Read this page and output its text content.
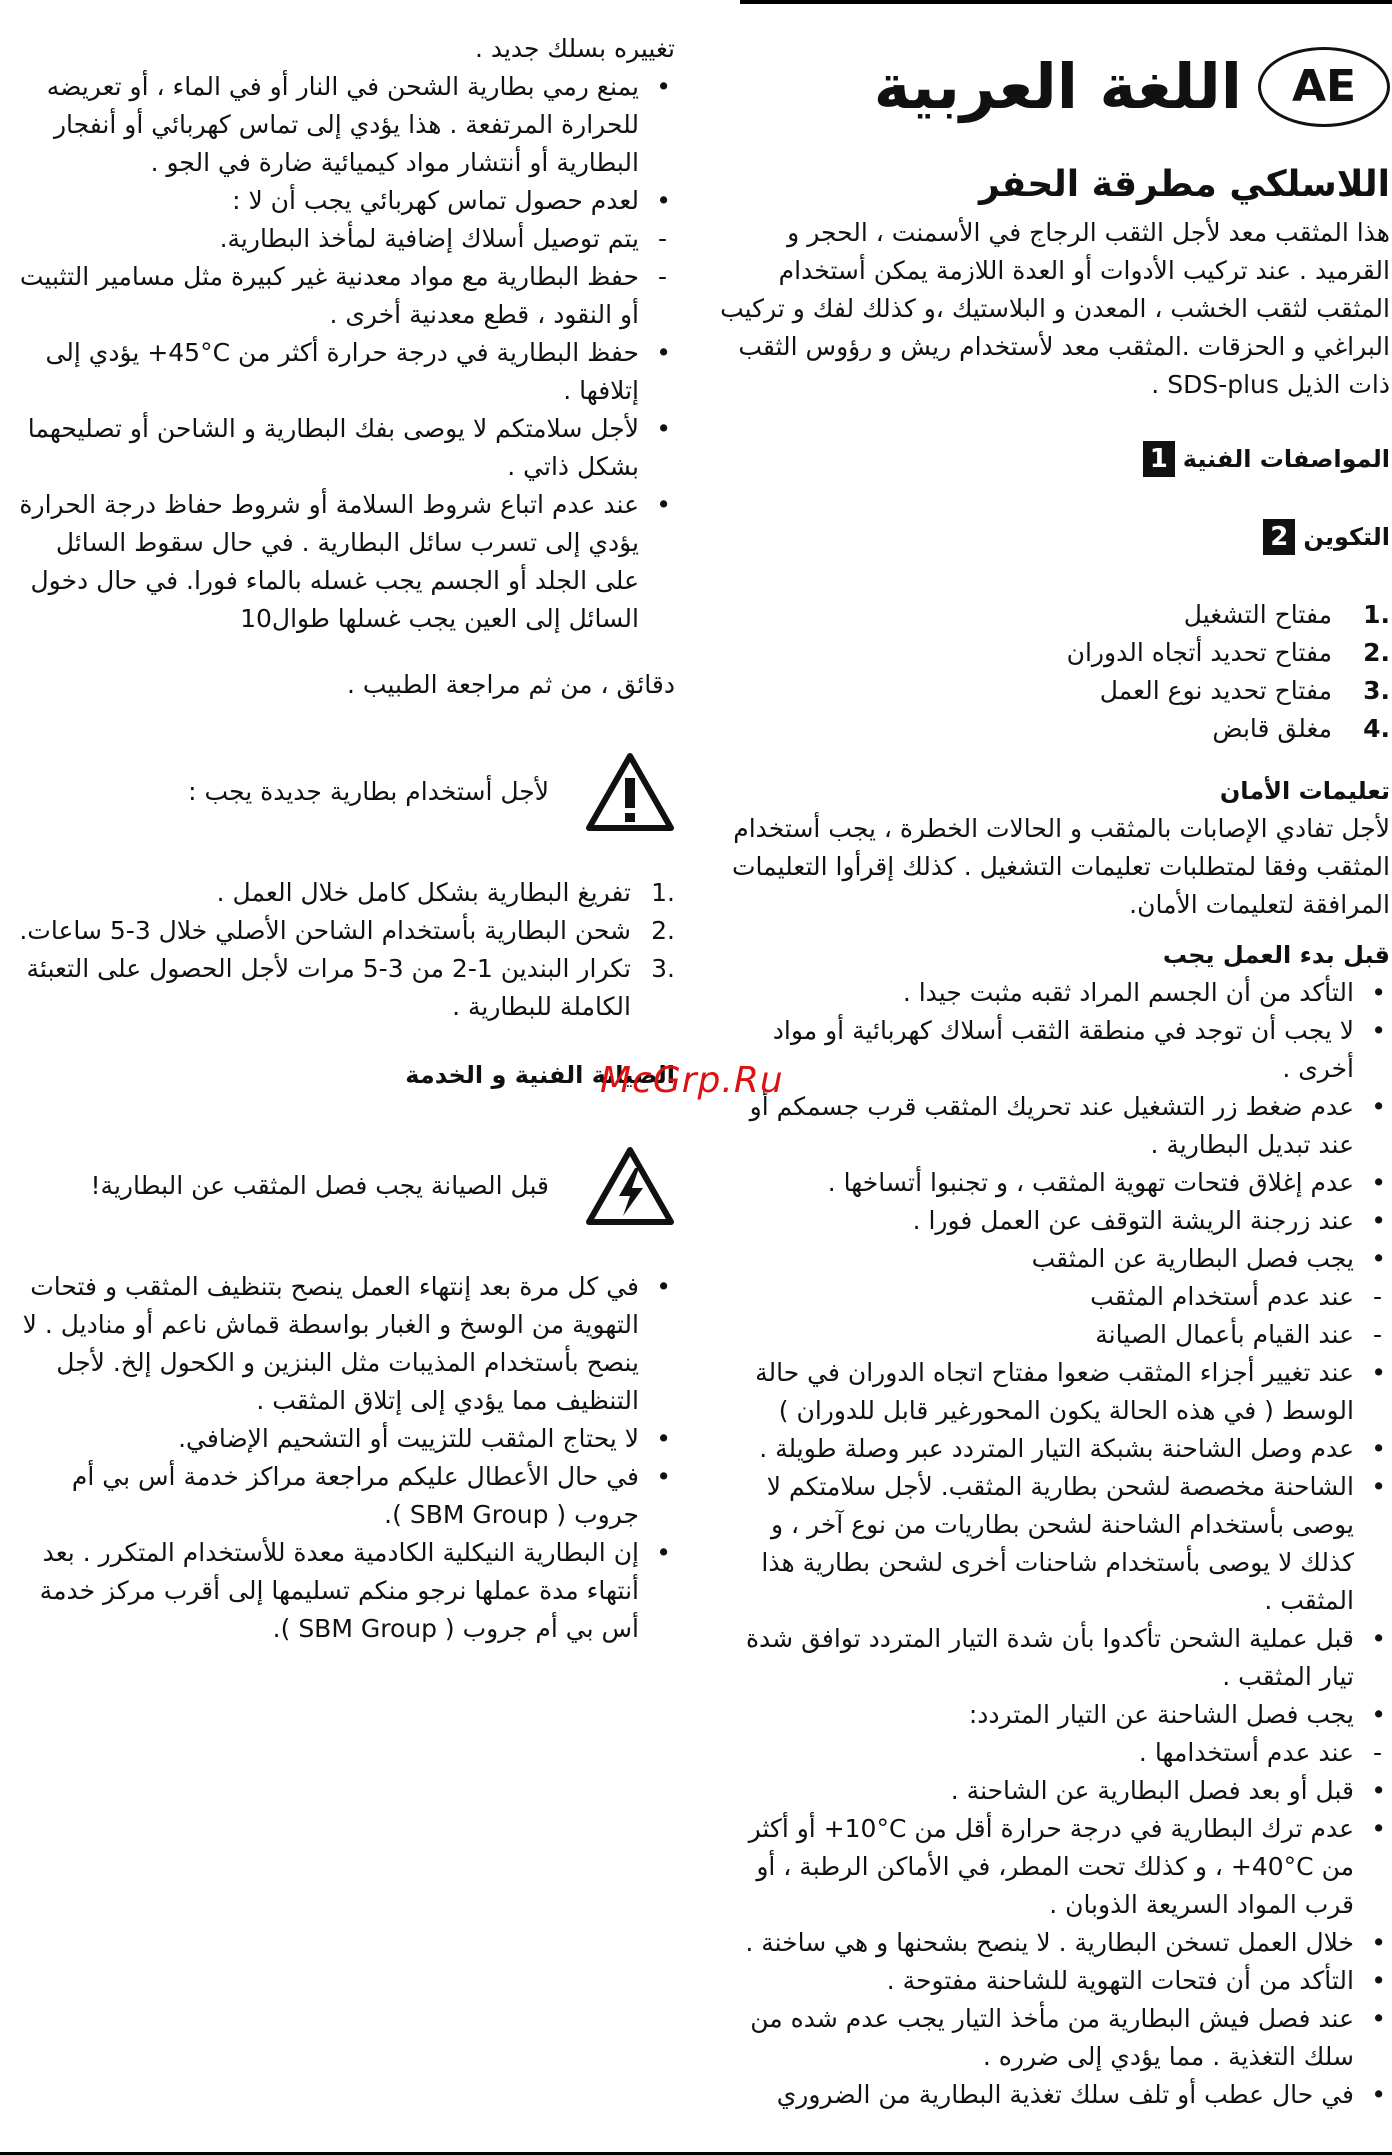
AE
اللغة العربية
اللاسلكي مطرقة الحفر

هذا المثقب معد لأجل الثقب الرجاج في الأسمنت ، الحجر و القرميد . عند تركيب الأدوات أو العدة اللازمة يمكن أستخدام المثقب لثقب الخشب ، المعدن و البلاستيك ،و كذلك لفك و تركيب البراغي و الحزقات .المثقب معد لأستخدام ريش و رؤوس الثقب ذات الذيل SDS-plus .

المواصفات الفنية
1
التكوين
2
1.
مفتاح التشغيل
2.
مفتاح تحديد أتجاه الدوران
3.
مفتاح تحديد نوع العمل
4.
مغلق قابض
تعليمات الأمان

لأجل تفادي الإصابات بالمثقب و الحالات الخطرة ، يجب أستخدام المثقب وفقا لمتطلبات تعليمات التشغيل . كذلك إقرأوا التعليمات المرافقة لتعليمات الأمان.

قبل بدء العمل يجب
• التأكد من أن الجسم المراد ثقبه مثبت جيدا .
• لا يجب أن توجد في منطقة الثقب أسلاك كهربائية أو مواد أخرى .
• عدم ضغط زر التشغيل عند تحريك المثقب قرب جسمكم أو عند تبديل البطارية .
• عدم إغلاق فتحات تهوية المثقب ، و تجنبوا أتساخها .
• عند زرجنة الريشة التوقف عن العمل فورا .
• يجب فصل البطارية عن المثقب
- عند عدم أستخدام المثقب
- عند القيام بأعمال الصيانة
• عند تغيير أجزاء المثقب ضعوا مفتاح اتجاه الدوران في حالة الوسط ( في هذه الحالة يكون المحورغير قابل للدوران )
• عدم وصل الشاحنة بشبكة التيار المتردد عبر وصلة طويلة .
• الشاحنة مخصصة لشحن بطارية المثقب. لأجل سلامتكم لا يوصى بأستخدام الشاحنة لشحن بطاريات من نوع آخر ، و كذلك لا يوصى بأستخدام شاحنات أخرى لشحن بطارية هذا المثقب .
• قبل عملية الشحن تأكدوا بأن شدة التيار المتردد توافق شدة تيار المثقب .
• يجب فصل الشاحنة عن التيار المتردد:
- عند عدم أستخدامها .
• قبل أو بعد فصل البطارية عن الشاحنة .
• عدم ترك البطارية في درجة حرارة أقل من ‎+10°C‎ أو أكثر من ‎+40°C‎ ، و كذلك تحت المطر، في الأماكن الرطبة ، أو قرب المواد السريعة الذوبان .
• خلال العمل تسخن البطارية . لا ينصح بشحنها و هي ساخنة .
• التأكد من أن فتحات التهوية للشاحنة مفتوحة .
• عند فصل فيش البطارية من مأخذ التيار يجب عدم شده من سلك التغذية . مما يؤدي إلى ضرره .
• في حال عطب أو تلف سلك تغذية البطارية من الضروري

تغييره بسلك جديد .

• يمنع رمي بطارية الشحن في النار أو في الماء ، أو تعريضه للحرارة المرتفعة . هذا يؤدي إلى تماس كهربائي أو أنفجار البطارية أو أنتشار مواد كيميائية ضارة في الجو .
• لعدم حصول تماس كهربائي يجب أن لا :
- يتم توصيل أسلاك إضافية لمأخذ البطارية.
- حفظ البطارية مع مواد معدنية غير كبيرة مثل مسامير التثبيت أو النقود ، قطع معدنية أخرى .
• حفظ البطارية في درجة حرارة أكثر من ‎+45°C‎ يؤدي إلى إتلافها .
• لأجل سلامتكم لا يوصى بفك البطارية و الشاحن أو تصليحهما بشكل ذاتي .
• عند عدم اتباع شروط السلامة أو شروط حفاظ درجة الحرارة يؤدي إلى تسرب سائل البطارية . في حال سقوط السائل على الجلد أو الجسم يجب غسله بالماء فورا. في حال دخول السائل إلى العين يجب غسلها طوال10

دقائق ، من ثم مراجعة الطبيب .

لأجل أستخدام بطارية جديدة يجب :
1.
تفريغ البطارية بشكل كامل خلال العمل .
2.
شحن البطارية بأستخدام الشاحن الأصلي خلال 3-5 ساعات.
3.
تكرار البندين 1-2 من 3-5 مرات لأجل الحصول على التعبئة الكاملة للبطارية .
الصيانة الفنية و الخدمة
قبل الصيانة يجب فصل المثقب عن البطارية!
• في كل مرة بعد إنتهاء العمل ينصح بتنظيف المثقب و فتحات التهوية من الوسخ و الغبار بواسطة قماش ناعم أو مناديل . لا ينصح بأستخدام المذيبات مثل البنزين و الكحول إلخ. لأجل التنظيف مما يؤدي إلى إتلاق المثقب .
• لا يحتاج المثقب للتزييت أو التشحيم الإضافي.
• في حال الأعطال عليكم مراجعة مراكز خدمة أس بي أم جروب ( SBM Group ).
• إن البطارية النيكلية الكادمية معدة للأستخدام المتكرر . بعد أنتهاء مدة عملها نرجو منكم تسليمها إلى أقرب مركز خدمة أس بي أم جروب ( SBM Group ).
McGrp.Ru
